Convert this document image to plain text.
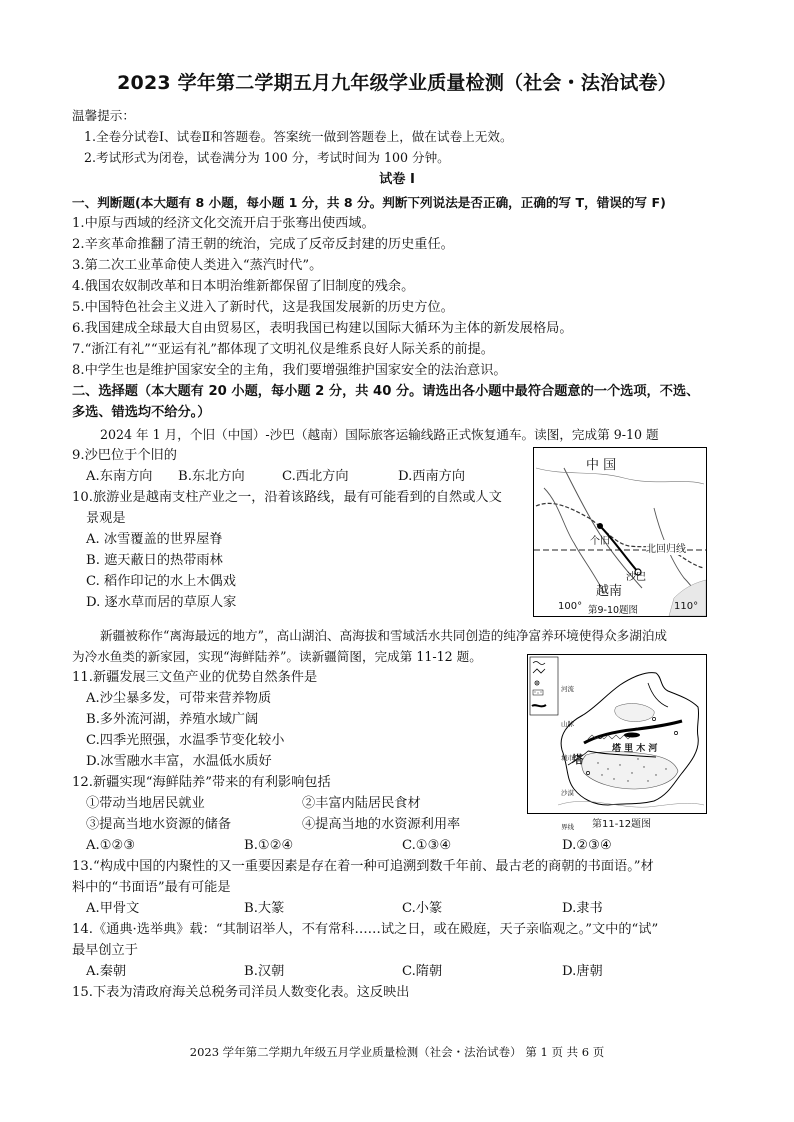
2023 学年第二学期五月九年级学业质量检测（社会・法治试卷）
温馨提示：
1.全卷分试卷Ⅰ、试卷Ⅱ和答题卷。答案统一做到答题卷上，做在试卷上无效。
2.考试形式为闭卷，试卷满分为 100 分，考试时间为 100 分钟。
试卷 Ⅰ
一、判断题(本大题有 8 小题，每小题 1 分，共 8 分。判断下列说法是否正确，正确的写 T，错误的写 F)
1.中原与西域的经济文化交流开启于张骞出使西域。
2.辛亥革命推翻了清王朝的统治，完成了反帝反封建的历史重任。
3.第二次工业革命使人类进入“蒸汽时代”。
4.俄国农奴制改革和日本明治维新都保留了旧制度的残余。
5.中国特色社会主义进入了新时代，这是我国发展新的历史方位。
6.我国建成全球最大自由贸易区，表明我国已构建以国际大循环为主体的新发展格局。
7.“浙江有礼”“亚运有礼”都体现了文明礼仪是维系良好人际关系的前提。
8.中学生也是维护国家安全的主角，我们要增强维护国家安全的法治意识。
二、选择题（本大题有 20 小题，每小题 2 分，共 40 分。请选出各小题中最符合题意的一个选项，不选、
多选、错选均不给分。）
2024 年 1 月，个旧（中国）-沙巴（越南）国际旅客运输线路正式恢复通车。读图，完成第 9-10 题
9.沙巴位于个旧的
A.东南方向 B.东北方向	C.西北方向	D.西南方向
10.旅游业是越南支柱产业之一，沿着该路线，最有可能看到的自然或人文
景观是
A. 冰雪覆盖的世界屋脊
B. 遮天蔽日的热带雨林
C. 稻作印记的水上木偶戏
D. 逐水草而居的草原人家
中 国
个旧
北回归线
沙巴
越南
100° 第9-10题图	110°
新疆被称作“离海最远的地方”，高山湖泊、高海拔和雪域活水共同创造的纯净富养环境使得众多湖泊成
为冷水鱼类的新家园，实现“海鲜陆养”。读新疆简图，完成第 11-12 题。
11.新疆发展三文鱼产业的优势自然条件是
A.沙尘暴多发，可带来营养物质
B.多外流河湖，养殖水域广阔
C.四季光照强，水温季节变化较小
D.冰雪融水丰富，水温低水质好
12.新疆实现“海鲜陆养”带来的有利影响包括
①带动当地居民就业	②丰富内陆居民食材
③提高当地水资源的储备	④提高当地的水资源利用率
A.①②③	B.①②④	C.①③④	D.②③④

河流

山脉

城市

沙漠

界线

塔 里 木 河
塔
第11-12题图
13.“构成中国的内聚性的又一重要因素是存在着一种可追溯到数千年前、最古老的商朝的书面语。”材
料中的“书面语”最有可能是
A.甲骨文	B.大篆	C.小篆	D.隶书
14.《通典·选举典》载：“其制诏举人，不有常科……试之日，或在殿庭，天子亲临观之。”文中的“试”
最早创立于
A.秦朝	B.汉朝	C.隋朝	D.唐朝
15.下表为清政府海关总税务司洋员人数变化表。这反映出
2023 学年第二学期九年级五月学业质量检测（社会・法治试卷） 第 1 页 共 6 页
